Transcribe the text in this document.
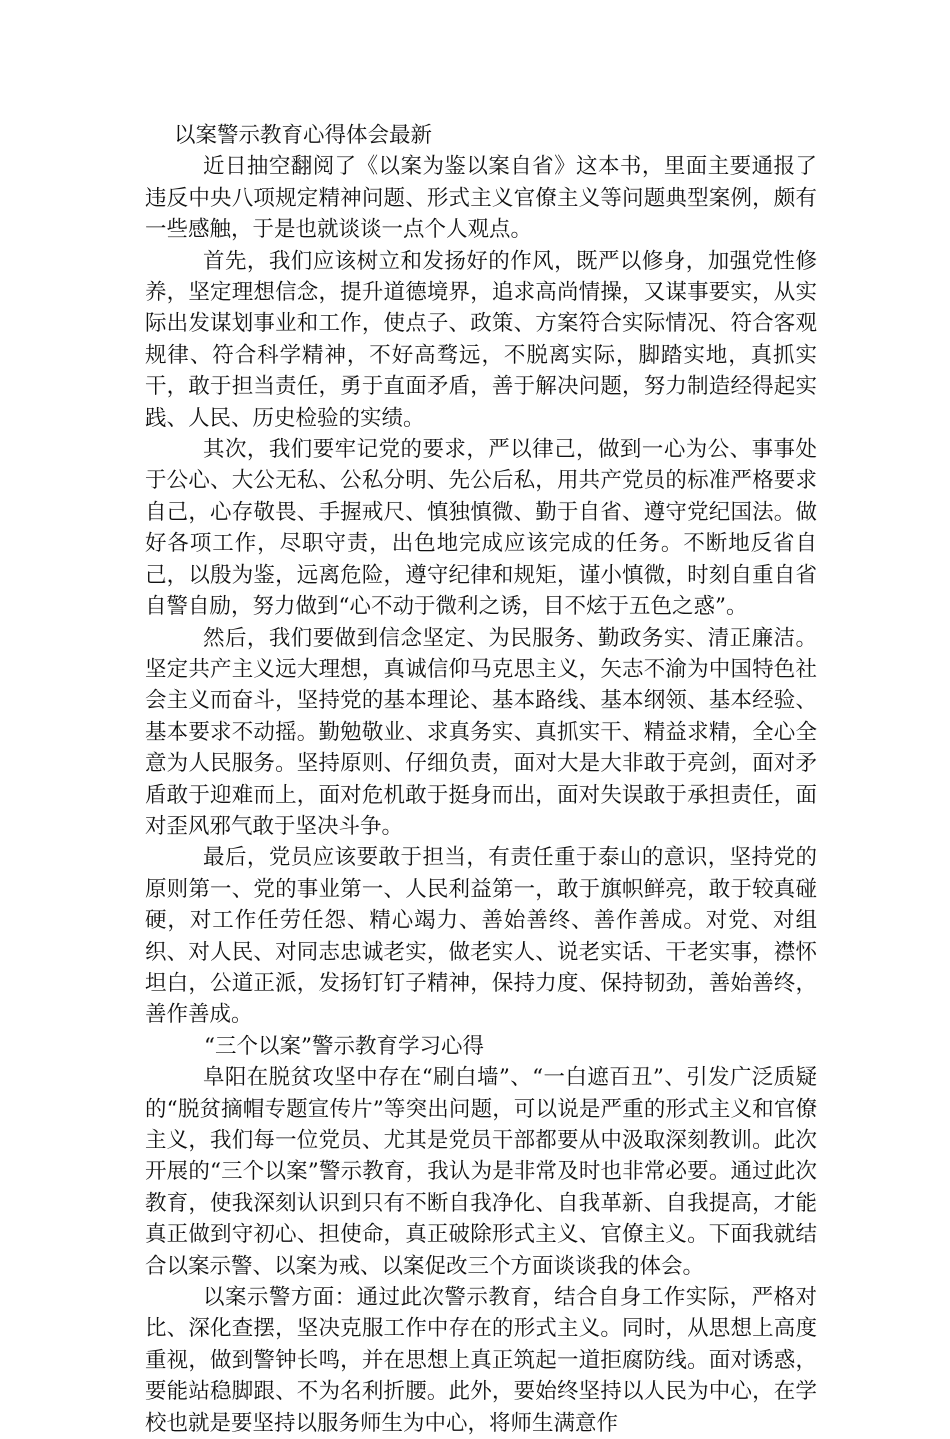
以案警示教育心得体会最新

近日抽空翻阅了《以案为鉴以案自省》这本书，里面主要通报了违反中央八项规定精神问题、形式主义官僚主义等问题典型案例，颇有一些感触，于是也就谈谈一点个人观点。

首先，我们应该树立和发扬好的作风，既严以修身，加强党性修养，坚定理想信念，提升道德境界，追求高尚情操，又谋事要实，从实际出发谋划事业和工作，使点子、政策、方案符合实际情况、符合客观规律、符合科学精神，不好高骛远，不脱离实际，脚踏实地，真抓实干，敢于担当责任，勇于直面矛盾，善于解决问题，努力制造经得起实践、人民、历史检验的实绩。

其次，我们要牢记党的要求，严以律己，做到一心为公、事事处于公心、大公无私、公私分明、先公后私，用共产党员的标准严格要求自己，心存敬畏、手握戒尺、慎独慎微、勤于自省、遵守党纪国法。做好各项工作，尽职守责，出色地完成应该完成的任务。不断地反省自己，以殷为鉴，远离危险，遵守纪律和规矩，谨小慎微，时刻自重自省自警自励，努力做到“心不动于微利之诱，目不炫于五色之惑”。

然后，我们要做到信念坚定、为民服务、勤政务实、清正廉洁。坚定共产主义远大理想，真诚信仰马克思主义，矢志不渝为中国特色社会主义而奋斗，坚持党的基本理论、基本路线、基本纲领、基本经验、基本要求不动摇。勤勉敬业、求真务实、真抓实干、精益求精，全心全意为人民服务。坚持原则、仔细负责，面对大是大非敢于亮剑，面对矛盾敢于迎难而上，面对危机敢于挺身而出，面对失误敢于承担责任，面对歪风邪气敢于坚决斗争。

最后，党员应该要敢于担当，有责任重于泰山的意识，坚持党的原则第一、党的事业第一、人民利益第一，敢于旗帜鲜亮，敢于较真碰硬，对工作任劳任怨、精心竭力、善始善终、善作善成。对党、对组织、对人民、对同志忠诚老实，做老实人、说老实话、干老实事，襟怀坦白，公道正派，发扬钉钉子精神，保持力度、保持韧劲，善始善终，善作善成。

“三个以案”警示教育学习心得

阜阳在脱贫攻坚中存在“刷白墙”、“一白遮百丑”、引发广泛质疑的“脱贫摘帽专题宣传片”等突出问题，可以说是严重的形式主义和官僚主义，我们每一位党员、尤其是党员干部都要从中汲取深刻教训。此次开展的“三个以案”警示教育，我认为是非常及时也非常必要。通过此次教育，使我深刻认识到只有不断自我净化、自我革新、自我提高，才能真正做到守初心、担使命，真正破除形式主义、官僚主义。下面我就结合以案示警、以案为戒、以案促改三个方面谈谈我的体会。

以案示警方面：通过此次警示教育，结合自身工作实际，严格对比、深化查摆，坚决克服工作中存在的形式主义。同时，从思想上高度重视，做到警钟长鸣，并在思想上真正筑起一道拒腐防线。面对诱惑，要能站稳脚跟、不为名利折腰。此外，要始终坚持以人民为中心，在学校也就是要坚持以服务师生为中心，将师生满意作
